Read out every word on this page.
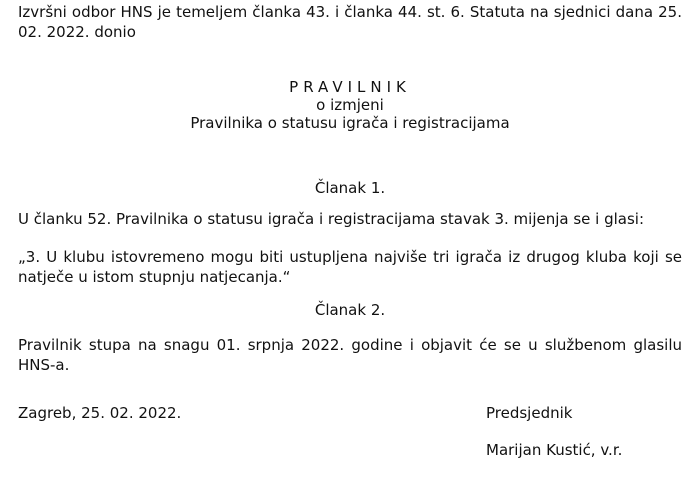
Izvršni odbor HNS je temeljem članka 43. i članka 44. st. 6. Statuta na sjednici dana 25. 02. 2022. donio
PRAVILNIK
o izmjeni
Pravilnika o statusu igrača i registracijama
Članak 1.
U članku 52. Pravilnika o statusu igrača i registracijama stavak 3. mijenja se i glasi:
„3. U klubu istovremeno mogu biti ustupljena najviše tri igrača iz drugog kluba koji se natječe u istom stupnju natjecanja.“
Članak 2.
Pravilnik stupa na snagu 01. srpnja 2022. godine i objavit će se u službenom glasilu HNS-a.
Zagreb, 25. 02. 2022.	Predsjednik
Marijan Kustić, v.r.
